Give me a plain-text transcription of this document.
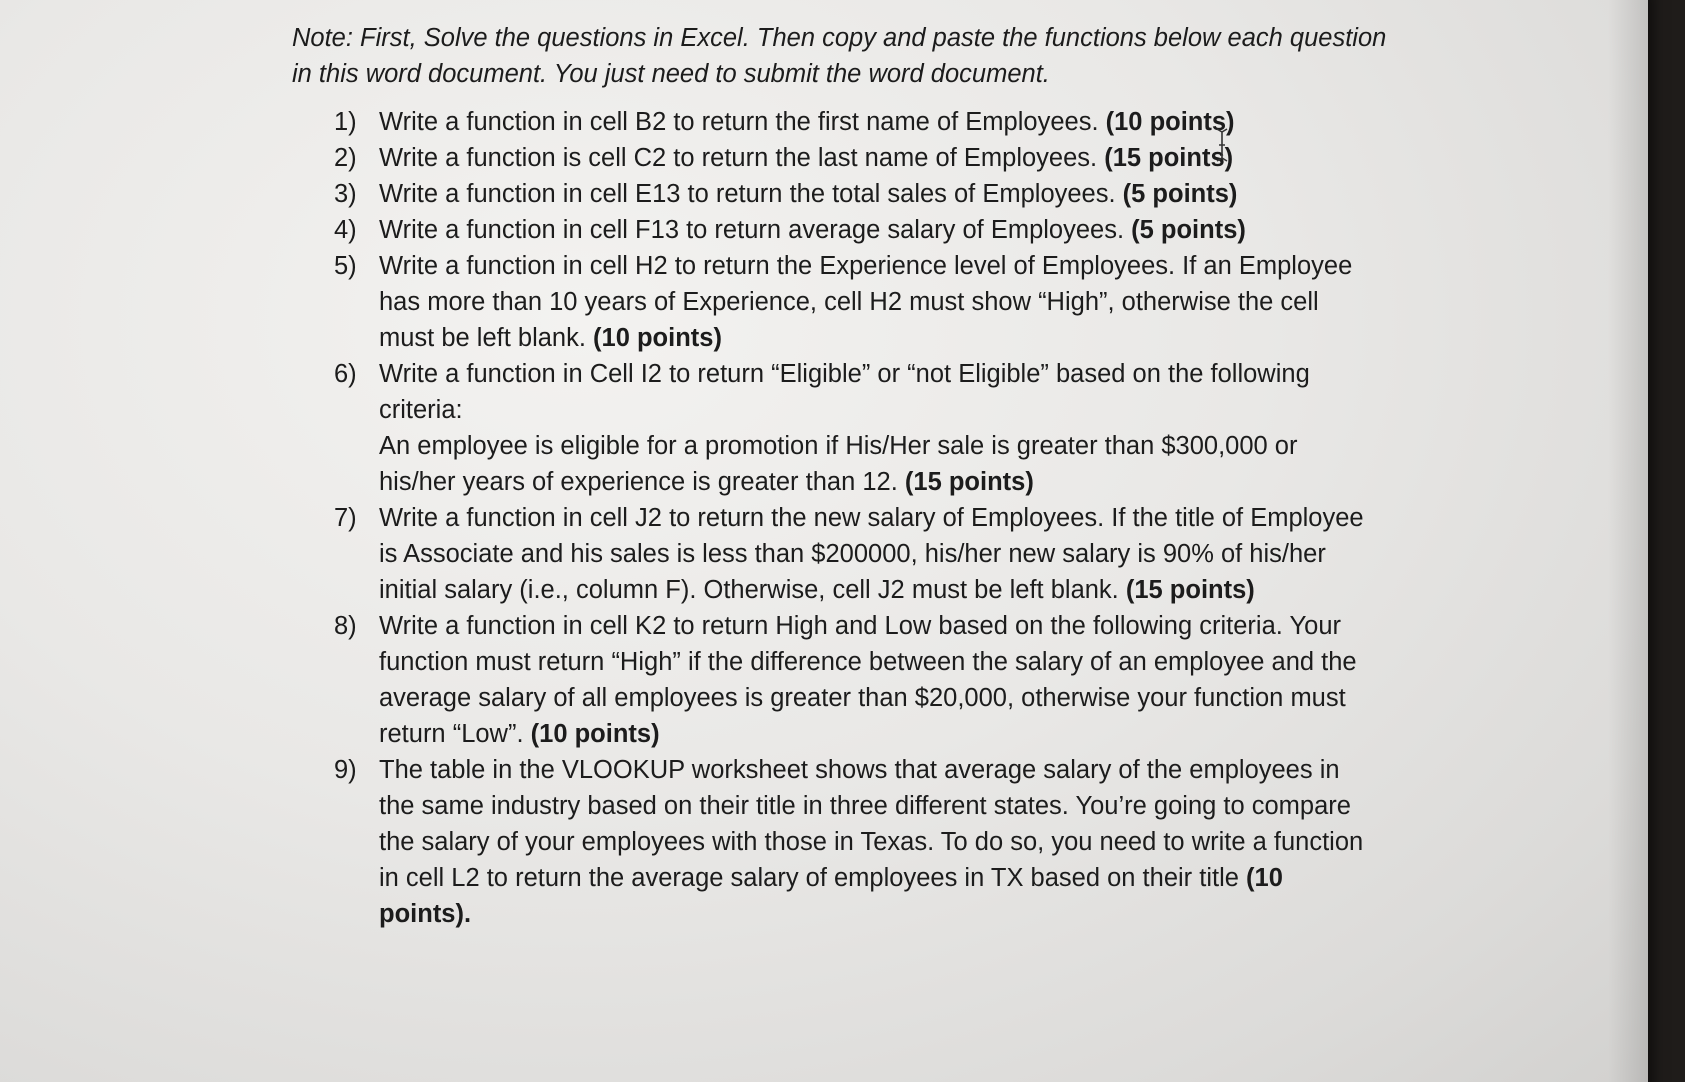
Note: First, Solve the questions in Excel. Then copy and paste the functions below each question in this word document. You just need to submit the word document.

1) Write a function in cell B2 to return the first name of Employees. (10 points)
2) Write a function is cell C2 to return the last name of Employees. (15 points)
3) Write a function in cell E13 to return the total sales of Employees. (5 points)
4) Write a function in cell F13 to return average salary of Employees. (5 points)
5) Write a function in cell H2 to return the Experience level of Employees. If an Employee has more than 10 years of Experience, cell H2 must show “High”, otherwise the cell must be left blank. (10 points)
6) Write a function in Cell I2 to return “Eligible” or “not Eligible” based on the following criteria:
An employee is eligible for a promotion if His/Her sale is greater than $300,000 or his/her years of experience is greater than 12. (15 points)
7) Write a function in cell J2 to return the new salary of Employees. If the title of Employee is Associate and his sales is less than $200000, his/her new salary is 90% of his/her initial salary (i.e., column F). Otherwise, cell J2 must be left blank. (15 points)
8) Write a function in cell K2 to return High and Low based on the following criteria. Your function must return “High” if the difference between the salary of an employee and the average salary of all employees is greater than $20,000, otherwise your function must return “Low”. (10 points)
9) The table in the VLOOKUP worksheet shows that average salary of the employees in the same industry based on their title in three different states. You’re going to compare the salary of your employees with those in Texas. To do so, you need to write a function in cell L2 to return the average salary of employees in TX based on their title (10 points).
